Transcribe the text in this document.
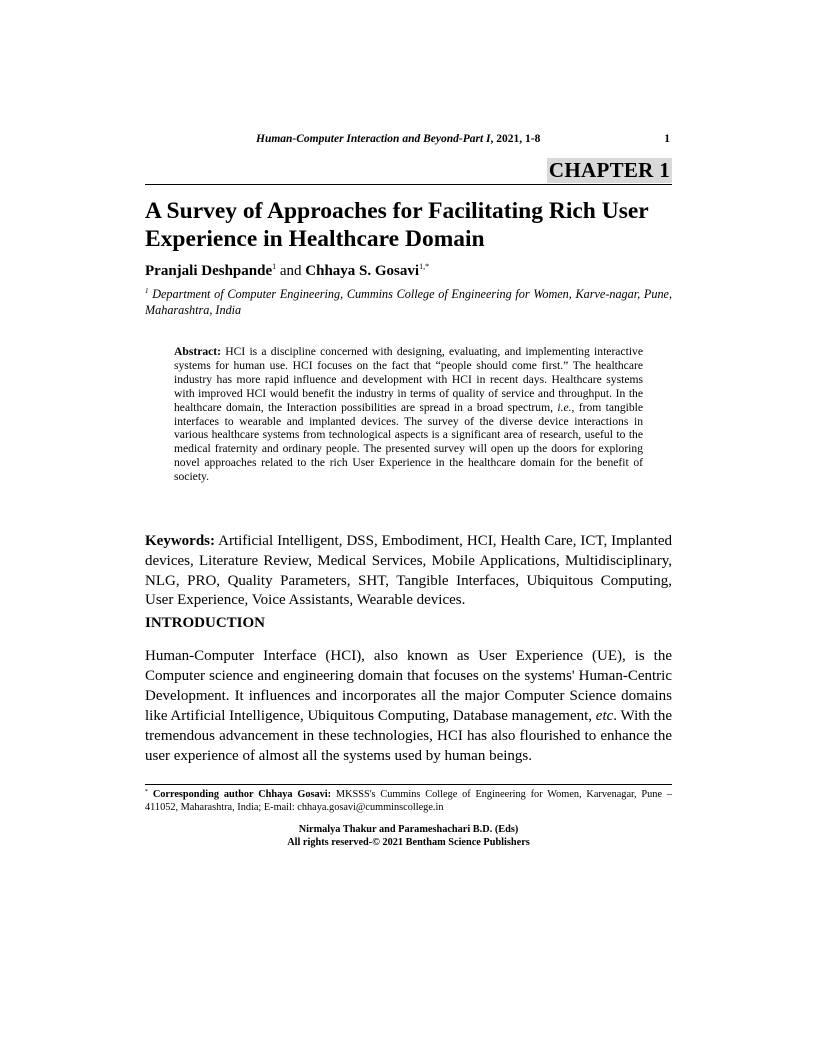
Human-Computer Interaction and Beyond-Part I, 2021, 1-8	1
CHAPTER 1
A Survey of Approaches for Facilitating Rich User Experience in Healthcare Domain
Pranjali Deshpande$^1$ and Chhaya S. Gosavi$^{1,*}$
$^1$ Department of Computer Engineering, Cummins College of Engineering for Women, Karve-nagar, Pune, Maharashtra, India
Abstract: HCI is a discipline concerned with designing, evaluating, and implementing interactive systems for human use. HCI focuses on the fact that “people should come first.” The healthcare industry has more rapid influence and development with HCI in recent days. Healthcare systems with improved HCI would benefit the industry in terms of quality of service and throughput. In the healthcare domain, the Interaction possibilities are spread in a broad spectrum, i.e., from tangible interfaces to wearable and implanted devices. The survey of the diverse device interactions in various healthcare systems from technological aspects is a significant area of research, useful to the medical fraternity and ordinary people. The presented survey will open up the doors for exploring novel approaches related to the rich User Experience in the healthcare domain for the benefit of society.
Keywords: Artificial Intelligent, DSS, Embodiment, HCI, Health Care, ICT, Implanted devices, Literature Review, Medical Services, Mobile Applications, Multidisciplinary, NLG, PRO, Quality Parameters, SHT, Tangible Interfaces, Ubiquitous Computing, User Experience, Voice Assistants, Wearable devices.
INTRODUCTION

Human-Computer Interface (HCI), also known as User Experience (UE), is the Computer science and engineering domain that focuses on the systems' Human-Centric Development. It influences and incorporates all the major Computer Science domains like Artificial Intelligence, Ubiquitous Computing, Database management, etc. With the tremendous advancement in these technologies, HCI has also flourished to enhance the user experience of almost all the systems used by human beings.

* Corresponding author Chhaya Gosavi: MKSSS's Cummins College of Engineering for Women, Karvenagar, Pune – 411052, Maharashtra, India; E-mail: chhaya.gosavi@cumminscollege.in
Nirmalya Thakur and Parameshachari B.D. (Eds)
All rights reserved-© 2021 Bentham Science Publishers
